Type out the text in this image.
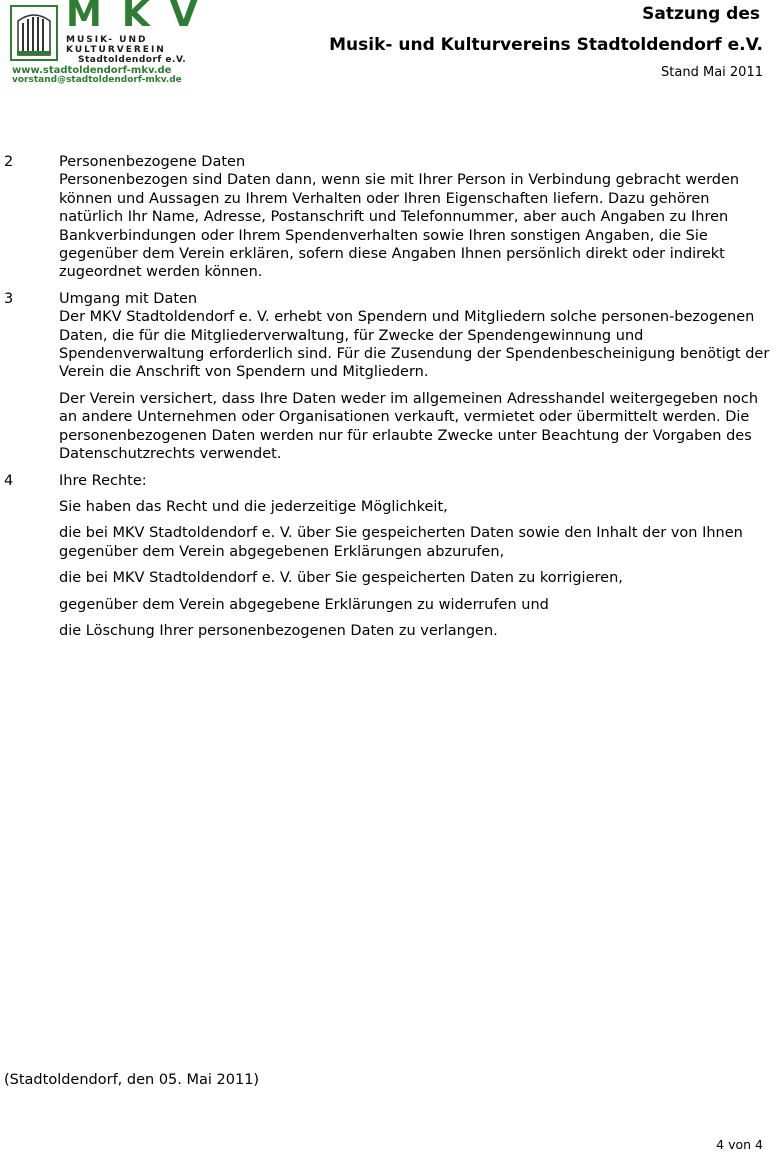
MKV
MUSIK- UND
KULTURVEREIN
Stadtoldendorf e.V.
www.stadtoldendorf-mkv.de
vorstand@stadtoldendorf-mkv.de
Satzung des
Musik- und Kulturvereins Stadtoldendorf e.V.
Stand Mai 2011
2	Personenbezogene Daten

Personenbezogen sind Daten dann, wenn sie mit Ihrer Person in Verbindung gebracht werden können und Aussagen zu Ihrem Verhalten oder Ihren Eigenschaften liefern. Dazu gehören natürlich Ihr Name, Adresse, Postanschrift und Telefonnummer, aber auch Angaben zu Ihren Bankverbindungen oder Ihrem Spendenverhalten sowie Ihren sonstigen Angaben, die Sie gegenüber dem Verein erklären, sofern diese Angaben Ihnen persönlich direkt oder indirekt zugeordnet werden können.

3	Umgang mit Daten

Der MKV Stadtoldendorf e. V. erhebt von Spendern und Mitgliedern solche personen-bezogenen Daten, die für die Mitgliederverwaltung, für Zwecke der Spendengewinnung und Spendenverwaltung erforderlich sind. Für die Zusendung der Spendenbescheinigung benötigt der Verein die Anschrift von Spendern und Mitgliedern.

Der Verein versichert, dass Ihre Daten weder im allgemeinen Adresshandel weitergegeben noch an andere Unternehmen oder Organisationen verkauft, vermietet oder übermittelt werden. Die personenbezogenen Daten werden nur für erlaubte Zwecke unter Beachtung der Vorgaben des Datenschutzrechts verwendet.

4	Ihre Rechte:

Sie haben das Recht und die jederzeitige Möglichkeit,

die bei MKV Stadtoldendorf e. V. über Sie gespeicherten Daten sowie den Inhalt der von Ihnen gegenüber dem Verein abgegebenen Erklärungen abzurufen,

die bei MKV Stadtoldendorf e. V. über Sie gespeicherten Daten zu korrigieren,

gegenüber dem Verein abgegebene Erklärungen zu widerrufen und

die Löschung Ihrer personenbezogenen Daten zu verlangen.

(Stadtoldendorf, den 05. Mai 2011)
4 von 4
